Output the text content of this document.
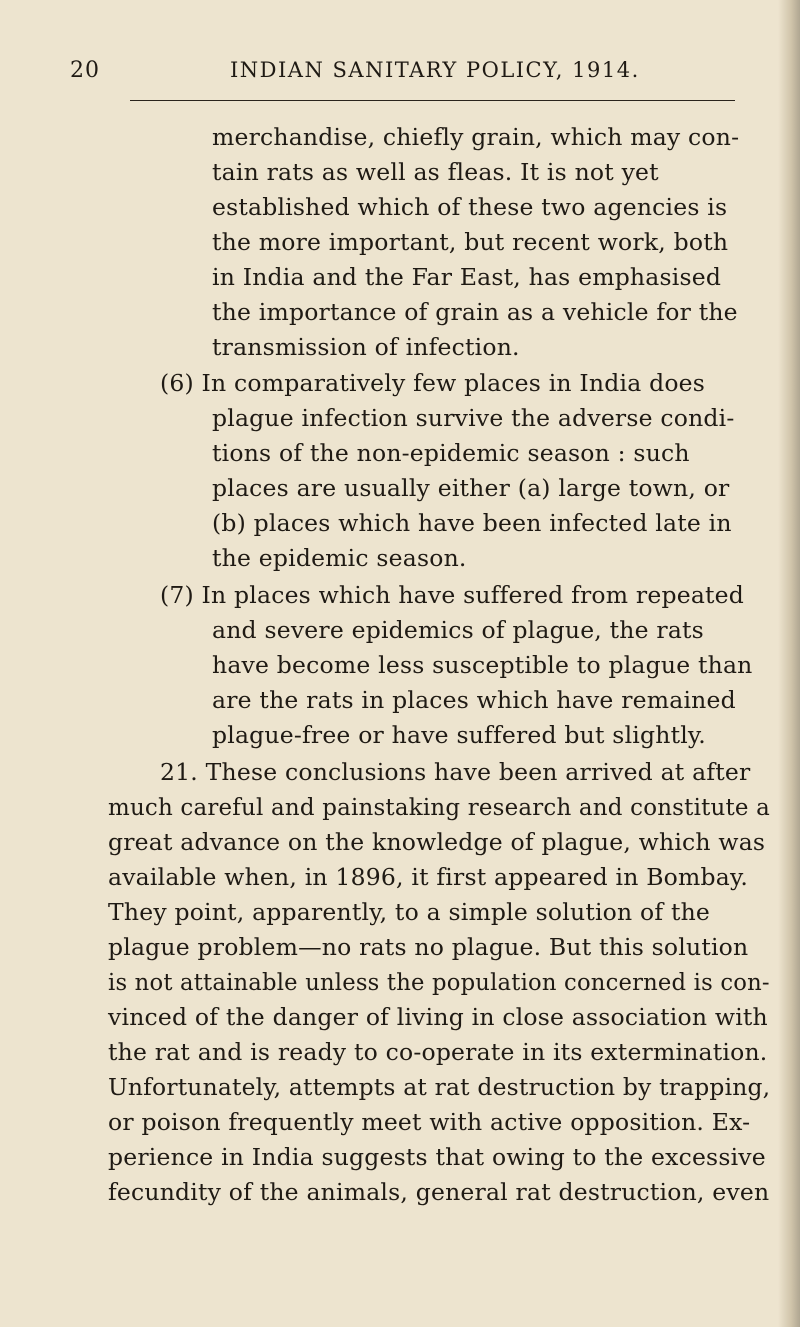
20	INDIAN SANITARY POLICY, 1914.
merchandise, chiefly grain, which may con-
tain rats as well as fleas. It is not yet
established which of these two agencies is
the more important, but recent work, both
in India and the Far East, has emphasised
the importance of grain as a vehicle for the
transmission of infection.
(6) In comparatively few places in India does
plague infection survive the adverse condi-
tions of the non-epidemic season : such
places are usually either (a) large town, or
(b) places which have been infected late in
the epidemic season.
(7) In places which have suffered from repeated
and severe epidemics of plague, the rats
have become less susceptible to plague than
are the rats in places which have remained
plague-free or have suffered but slightly.
21. These conclusions have been arrived at after
much careful and painstaking research and constitute a
great advance on the knowledge of plague, which was
available when, in 1896, it first appeared in Bombay.
They point, apparently, to a simple solution of the
plague problem—no rats no plague. But this solution
is not attainable unless the population concerned is con-
vinced of the danger of living in close association with
the rat and is ready to co-operate in its extermination.
Unfortunately, attempts at rat destruction by trapping,
or poison frequently meet with active opposition. Ex-
perience in India suggests that owing to the excessive
fecundity of the animals, general rat destruction, even
